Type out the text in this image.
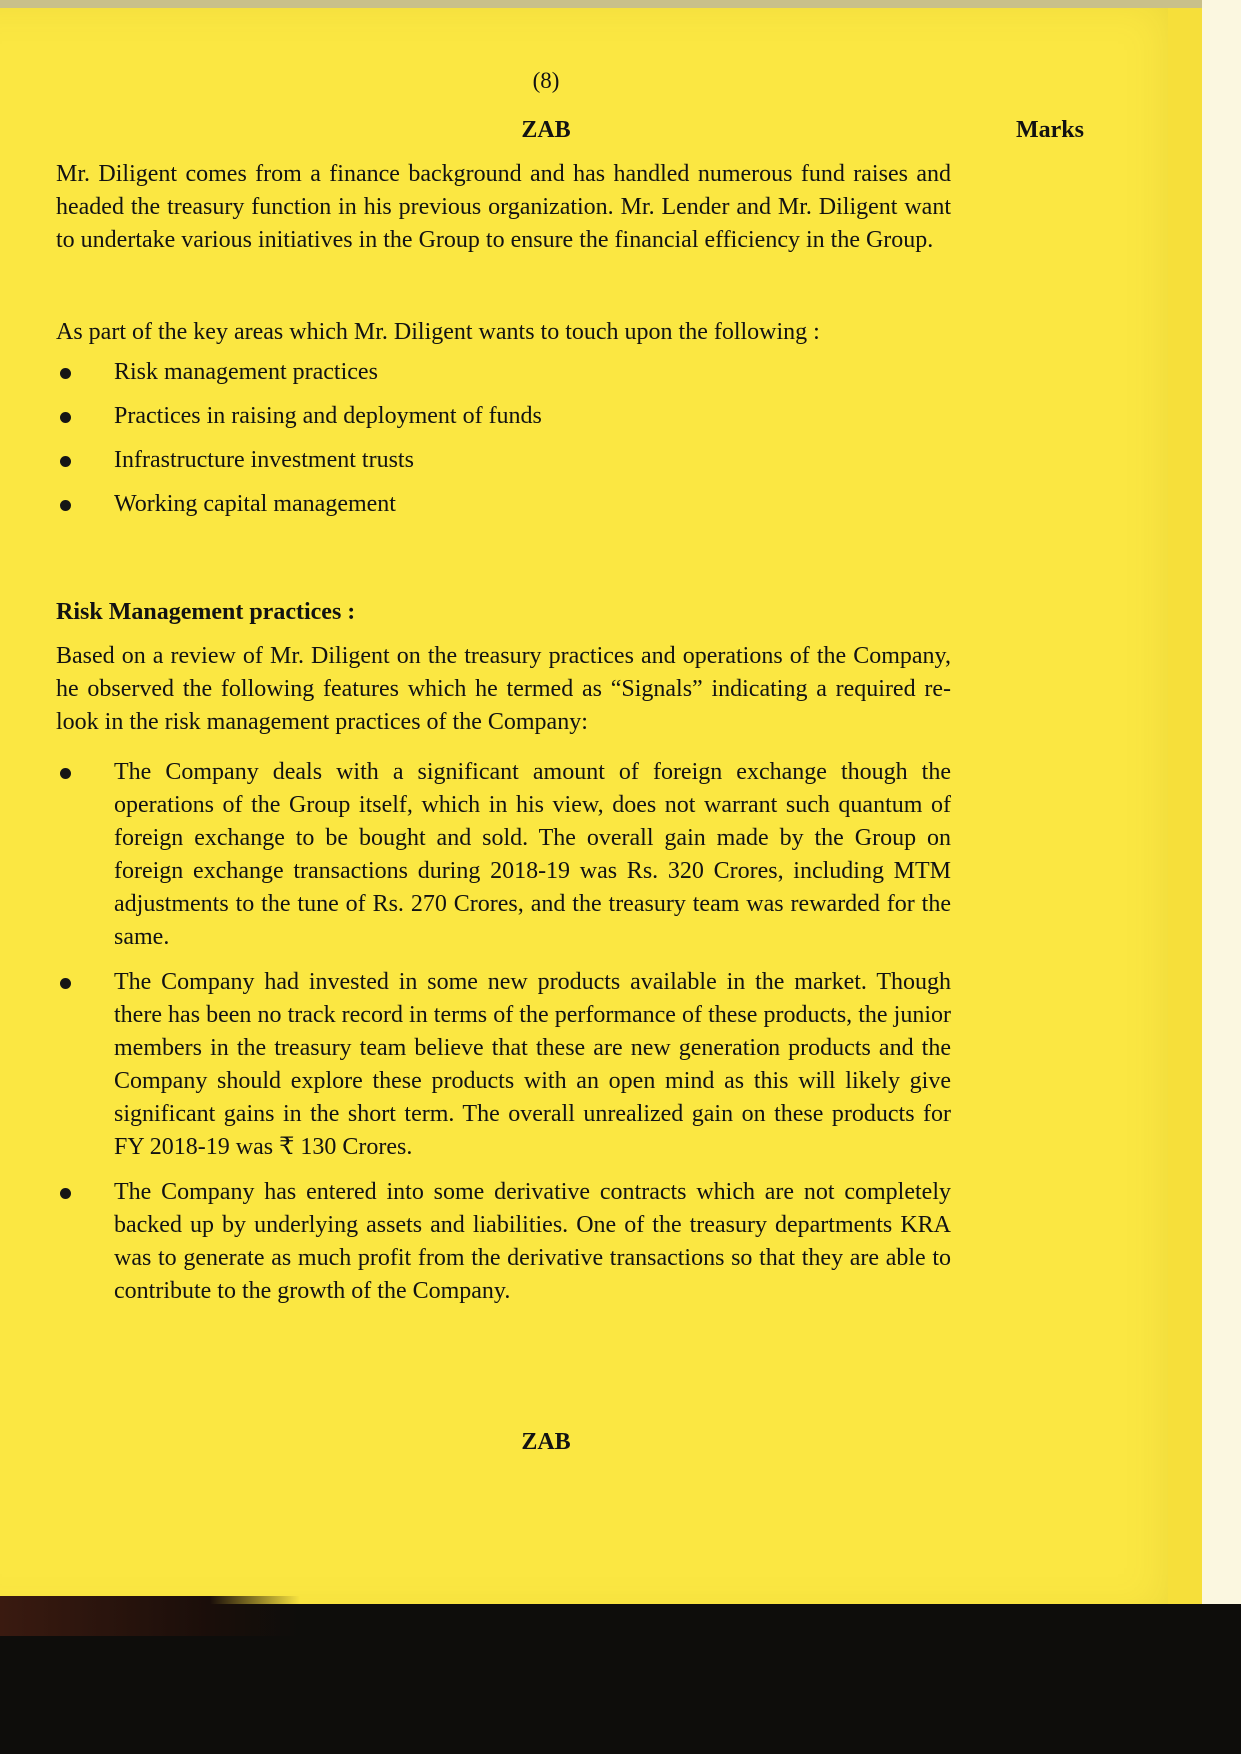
(8)
ZAB	Marks

Mr. Diligent comes from a finance background and has handled numerous fund raises and headed the treasury function in his previous organization. Mr. Lender and Mr. Diligent want to undertake various initiatives in the Group to ensure the financial efficiency in the Group.

As part of the key areas which Mr. Diligent wants to touch upon the following :

Risk management practices
Practices in raising and deployment of funds
Infrastructure investment trusts
Working capital management
Risk Management practices :

Based on a review of Mr. Diligent on the treasury practices and operations of the Company, he observed the following features which he termed as “Signals” indicating a required re-look in the risk management practices of the Company:

The Company deals with a significant amount of foreign exchange though the operations of the Group itself, which in his view, does not warrant such quantum of foreign exchange to be bought and sold. The overall gain made by the Group on foreign exchange transactions during 2018-19 was Rs. 320 Crores, including MTM adjustments to the tune of Rs. 270 Crores, and the treasury team was rewarded for the same.
The Company had invested in some new products available in the market. Though there has been no track record in terms of the performance of these products, the junior members in the treasury team believe that these are new generation products and the Company should explore these products with an open mind as this will likely give significant gains in the short term. The overall unrealized gain on these products for FY 2018-19 was ₹ 130 Crores.
The Company has entered into some derivative contracts which are not completely backed up by underlying assets and liabilities. One of the treasury departments KRA was to generate as much profit from the derivative transactions so that they are able to contribute to the growth of the Company.
ZAB
